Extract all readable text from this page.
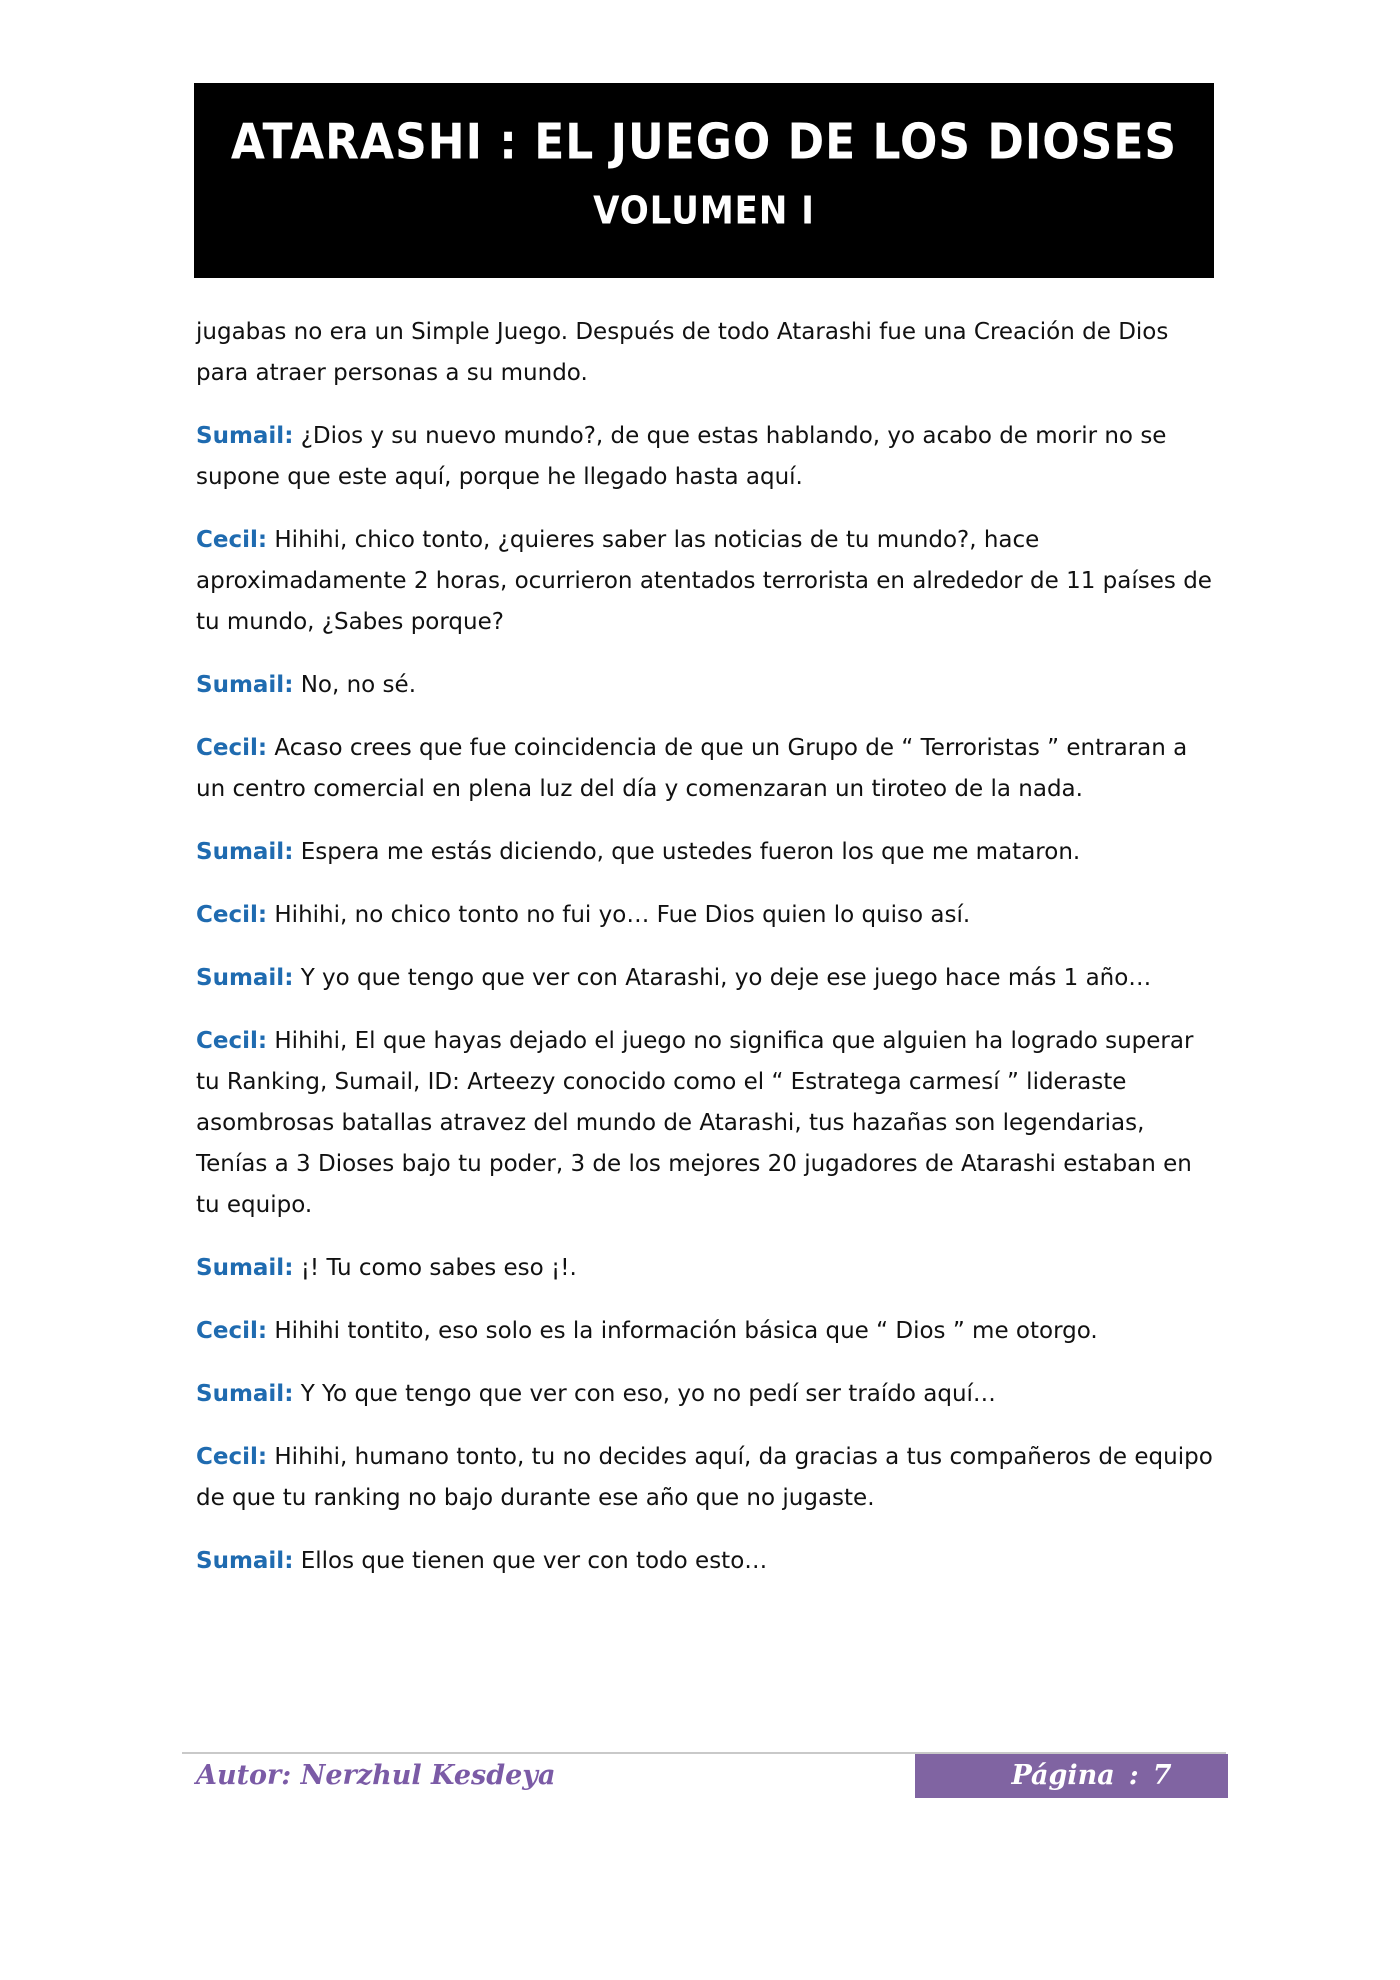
ATARASHI : EL JUEGO DE LOS DIOSES
VOLUMEN I

jugabas no era un Simple Juego. Después de todo Atarashi fue una Creación de Dios para atraer personas a su mundo.

Sumail: ¿Dios y su nuevo mundo?, de que estas hablando, yo acabo de morir no se supone que este aquí, porque he llegado hasta aquí.

Cecil: Hihihi, chico tonto, ¿quieres saber las noticias de tu mundo?, hace aproximadamente 2 horas, ocurrieron atentados terrorista en alrededor de 11 países de tu mundo, ¿Sabes porque?

Sumail: No, no sé.

Cecil: Acaso crees que fue coincidencia de que un Grupo de “ Terroristas ” entraran a un centro comercial en plena luz del día y comenzaran un tiroteo de la nada.

Sumail: Espera me estás diciendo, que ustedes fueron los que me mataron.

Cecil: Hihihi, no chico tonto no fui yo… Fue Dios quien lo quiso así.

Sumail: Y yo que tengo que ver con Atarashi, yo deje ese juego hace más 1 año…

Cecil: Hihihi, El que hayas dejado el juego no significa que alguien ha logrado superar tu Ranking, Sumail, ID: Arteezy conocido como el “ Estratega carmesí ” lideraste asombrosas batallas atravez del mundo de Atarashi, tus hazañas son legendarias, Tenías a 3 Dioses bajo tu poder, 3 de los mejores 20 jugadores de Atarashi estaban en tu equipo.

Sumail: ¡! Tu como sabes eso ¡!.

Cecil: Hihihi tontito, eso solo es la información básica que “ Dios ” me otorgo.

Sumail: Y Yo que tengo que ver con eso, yo no pedí ser traído aquí…

Cecil: Hihihi, humano tonto, tu no decides aquí, da gracias a tus compañeros de equipo de que tu ranking no bajo durante ese año que no jugaste.

Sumail: Ellos que tienen que ver con todo esto…

Autor: Nerzhul Kesdeya	Página : 7
